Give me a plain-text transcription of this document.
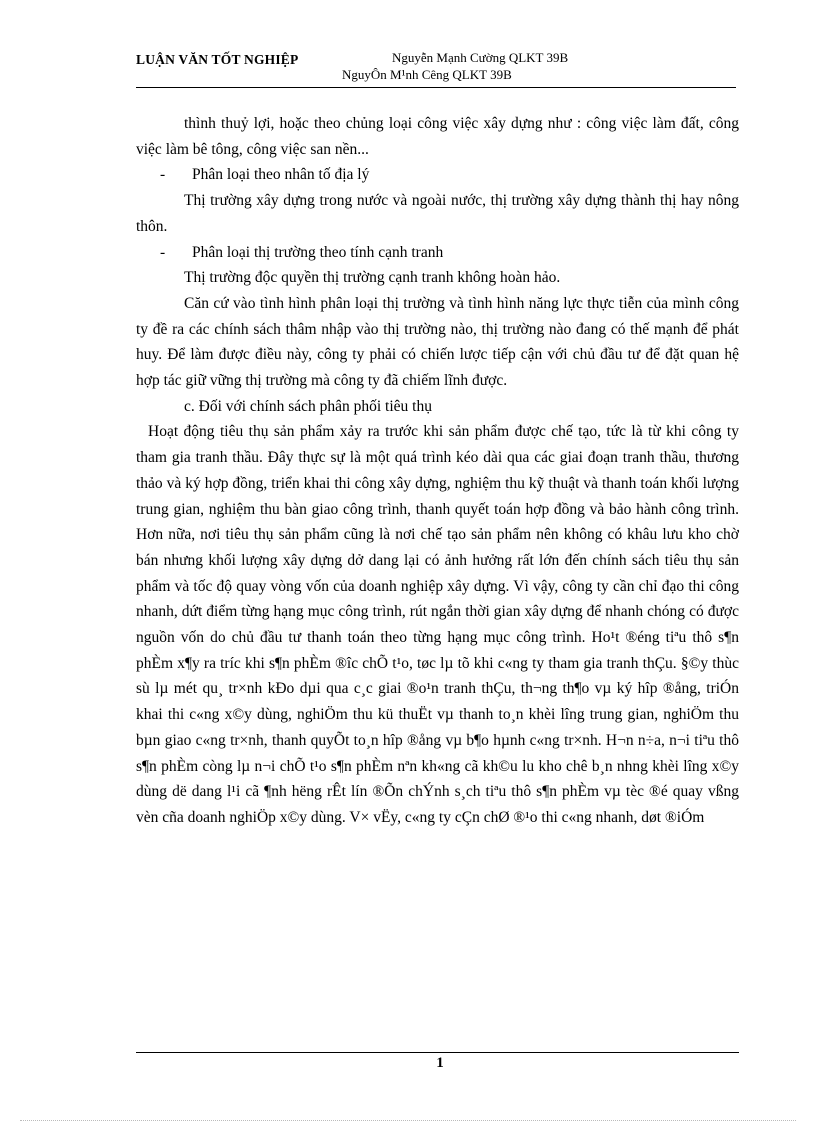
LUẬN VĂN TỐT NGHIỆP	Nguyễn Mạnh Cường QLKT 39B
NguyÔn M¹nh Cêng QLKT 39B

thình thuỷ lợi, hoặc theo chủng loại công việc xây dựng như : công việc làm đất, công việc làm bê tông, công việc san nền...

- Phân loại theo nhân tố địa lý

Thị trường xây dựng trong nước và ngoài nước, thị trường xây dựng thành thị hay nông thôn.

- Phân loại thị trường theo tính cạnh tranh

Thị trường độc quyền thị trường cạnh tranh không hoàn hảo.

Căn cứ vào tình hình phân loại thị trường và tình hình năng lực thực tiễn của mình công ty đề ra các chính sách thâm nhập vào thị trường nào, thị trường nào đang có thế mạnh để phát huy. Để làm được điều này, công ty phải có chiến lược tiếp cận với chủ đầu tư để đặt quan hệ hợp tác giữ vững thị trường mà công ty đã chiếm lĩnh được.

c. Đối với chính sách phân phối tiêu thụ

Hoạt động tiêu thụ sản phẩm xảy ra trước khi sản phẩm được chế tạo, tức là từ khi công ty tham gia tranh thầu. Đây thực sự là một quá trình kéo dài qua các giai đoạn tranh thầu, thương thảo và ký hợp đồng, triển khai thi công xây dựng, nghiệm thu kỹ thuật và thanh toán khối lượng trung gian, nghiệm thu bàn giao công trình, thanh quyết toán hợp đồng và bảo hành công trình. Hơn nữa, nơi tiêu thụ sản phẩm cũng là nơi chế tạo sản phẩm nên không có khâu lưu kho chờ bán nhưng khối lượng xây dựng dở dang lại có ảnh hưởng rất lớn đến chính sách tiêu thụ sản phẩm và tốc độ quay vòng vốn của doanh nghiệp xây dựng. Vì vậy, công ty cần chỉ đạo thi công nhanh, dứt điểm từng hạng mục công trình, rút ngắn thời gian xây dựng để nhanh chóng có được nguồn vốn do chủ đầu tư thanh toán theo từng hạng mục công trình. Ho¹t ®éng tiªu thô s¶n phÈm x¶y ra tríc khi s¶n phÈm ®îc chÕ t¹o, tøc lµ tõ khi c«ng ty tham gia tranh thÇu. §©y thùc sù lµ mét qu¸ tr×nh kÐo dµi qua c¸c giai ®o¹n tranh thÇu, th¬ng th¶o vµ ký hîp ®ång, triÓn khai thi c«ng x©y dùng, nghiÖm thu kü thuËt vµ thanh to¸n khèi lîng trung gian, nghiÖm thu bµn giao c«ng tr×nh, thanh quyÕt to¸n hîp ®ång vµ b¶o hµnh c«ng tr×nh. H¬n n÷a, n¬i tiªu thô s¶n phÈm còng lµ n¬i chÕ t¹o s¶n phÈm nªn kh«ng cã kh©u lu kho chê b¸n nhng khèi lîng x©y dùng dë dang l¹i cã ¶nh hëng rÊt lín ®Õn chÝnh s¸ch tiªu thô s¶n phÈm vµ tèc ®é quay vßng vèn cña doanh nghiÖp x©y dùng. V× vËy, c«ng ty cÇn chØ ®¹o thi c«ng nhanh, døt ®iÓm

1
